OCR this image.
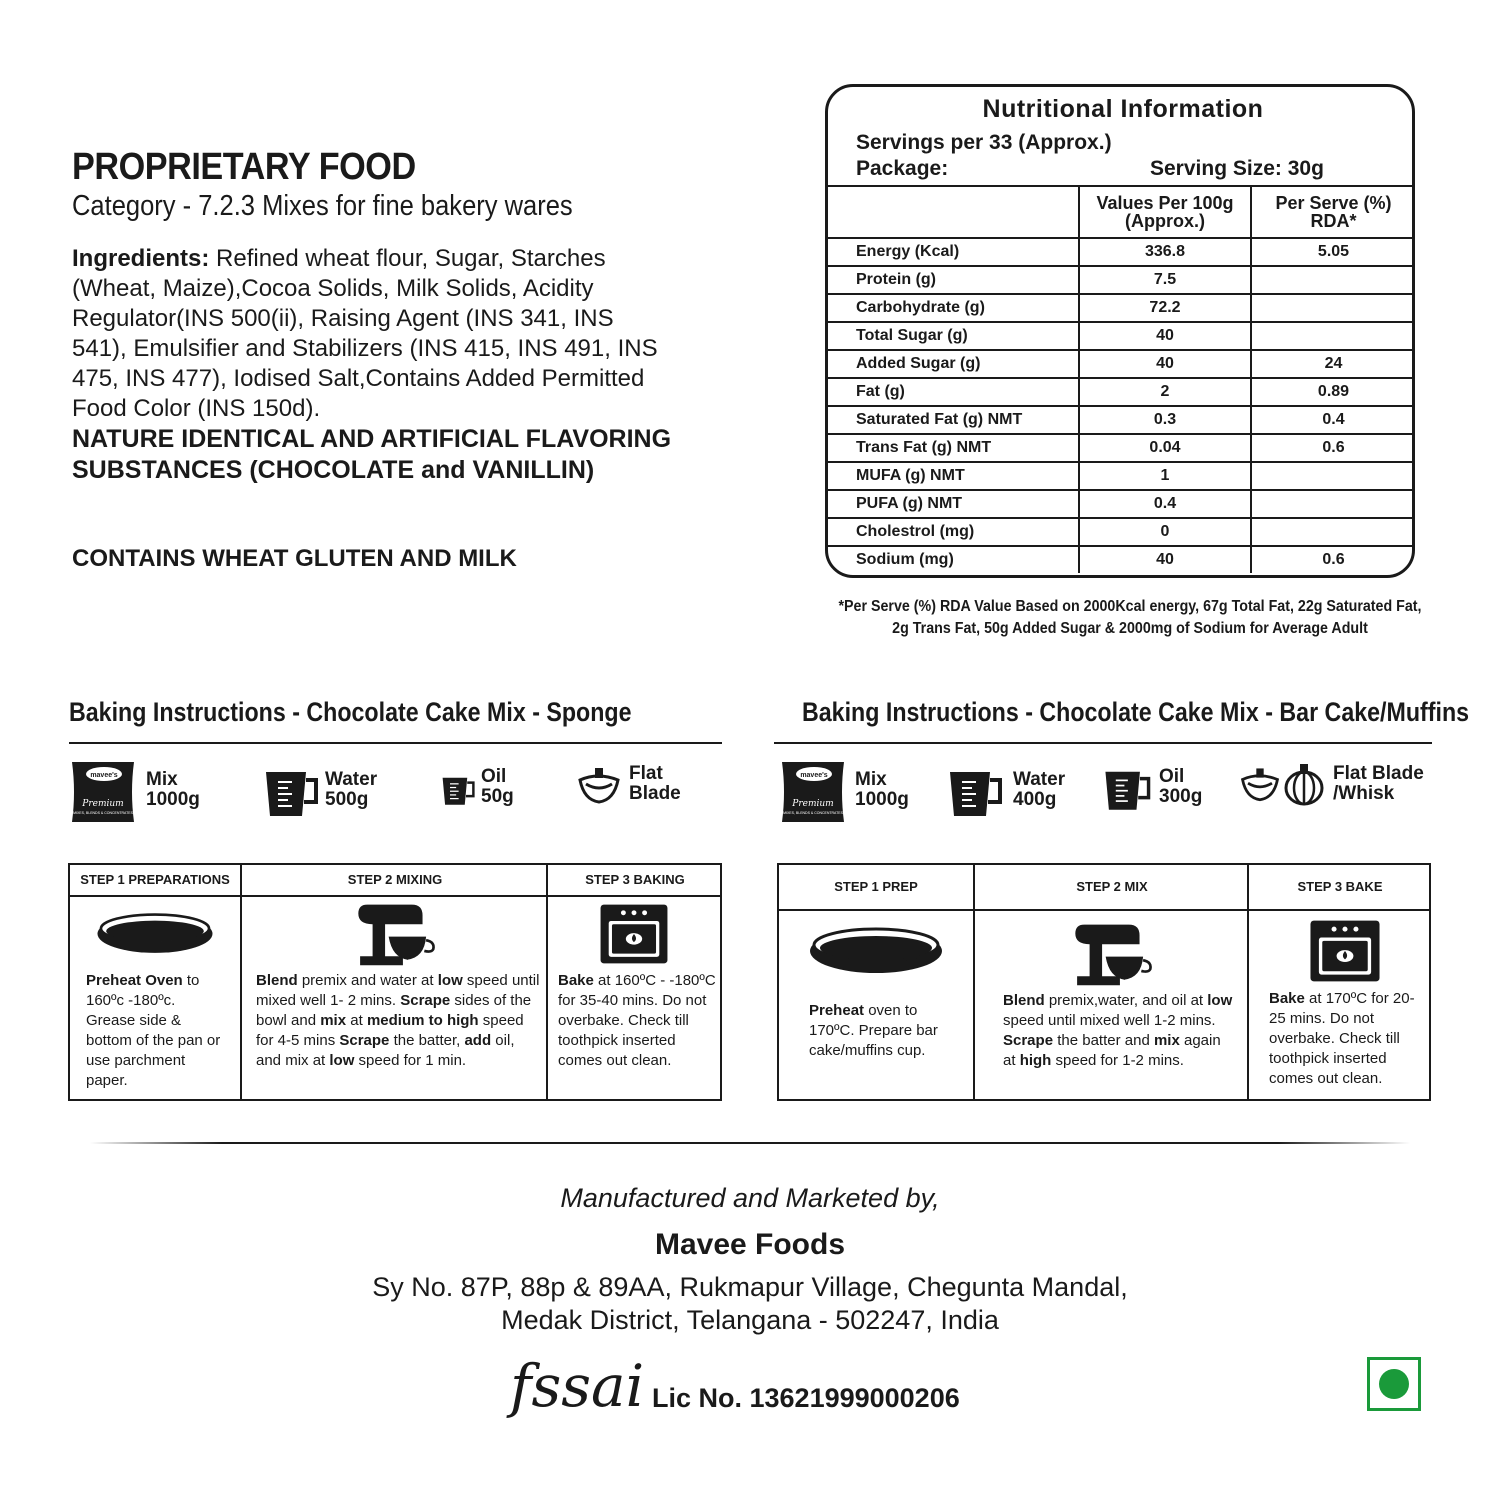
PROPRIETARY FOOD
Category - 7.2.3 Mixes for fine bakery wares
Ingredients: Refined wheat flour, Sugar, Starches (Wheat, Maize),Cocoa Solids, Milk Solids, Acidity Regulator(INS 500(ii), Raising Agent (INS 341, INS 541), Emulsifier and Stabilizers (INS 415, INS 491, INS 475, INS 477), Iodised Salt,Contains Added Permitted Food Color (INS 150d).
NATURE IDENTICAL AND ARTIFICIAL FLAVORING SUBSTANCES (CHOCOLATE and VANILLIN)
CONTAINS WHEAT GLUTEN AND MILK
Nutritional Information
Servings per 33 (Approx.)
Package:	Serving Size: 30g
	Values Per 100g (Approx.)	Per Serve (%) RDA*
Energy (Kcal)	336.8	5.05
Protein (g)	7.5	
Carbohydrate (g)	72.2	
Total Sugar (g)	40	
Added Sugar (g)	40	24
Fat (g)	2	0.89
Saturated Fat (g) NMT	0.3	0.4
Trans Fat (g) NMT	0.04	0.6
MUFA (g) NMT	1	
PUFA (g) NMT	0.4	
Cholestrol (mg)	0	
Sodium (mg)	40	0.6
*Per Serve (%) RDA Value Based on 2000Kcal energy, 67g Total Fat, 22g Saturated Fat,
2g Trans Fat, 50g Added Sugar & 2000mg of Sodium for Average Adult
Baking Instructions - Chocolate Cake Mix - Sponge
mavee's
Premium
MIXES, BLENDS & CONCENTRATES
Mix
1000g
Water
500g
Oil
50g
Flat
Blade
STEP 1 PREPARATIONS
Preheat Oven to 160ºc -180ºc. Grease side & bottom of the pan or use parchment paper.
STEP 2 MIXING
Blend premix and water at low speed until mixed well 1- 2 mins. Scrape sides of the bowl and mix at medium to high speed for 4-5 mins Scrape the batter, add oil, and mix at low speed for 1 min.
STEP 3 BAKING
Bake at 160ºC - -180ºC for 35-40 mins. Do not overbake. Check till toothpick inserted comes out clean.
Baking Instructions - Chocolate Cake Mix - Bar Cake/Muffins
mavee's
Premium
MIXES, BLENDS & CONCENTRATES
Mix
1000g
Water
400g
Oil
300g
Flat Blade
/Whisk
STEP 1 PREP
Preheat oven to 170ºC. Prepare bar cake/muffins cup.
STEP 2 MIX
Blend premix,water, and oil at low speed until mixed well 1-2 mins. Scrape the batter and mix again at high speed for 1-2 mins.
STEP 3 BAKE
Bake at 170ºC for 20-25 mins. Do not overbake. Check till toothpick inserted comes out clean.
Manufactured and Marketed by,
Mavee Foods
Sy No. 87P, 88p & 89AA, Rukmapur Village, Chegunta Mandal,
Medak District, Telangana - 502247, India
fssai Lic No. 13621999000206
